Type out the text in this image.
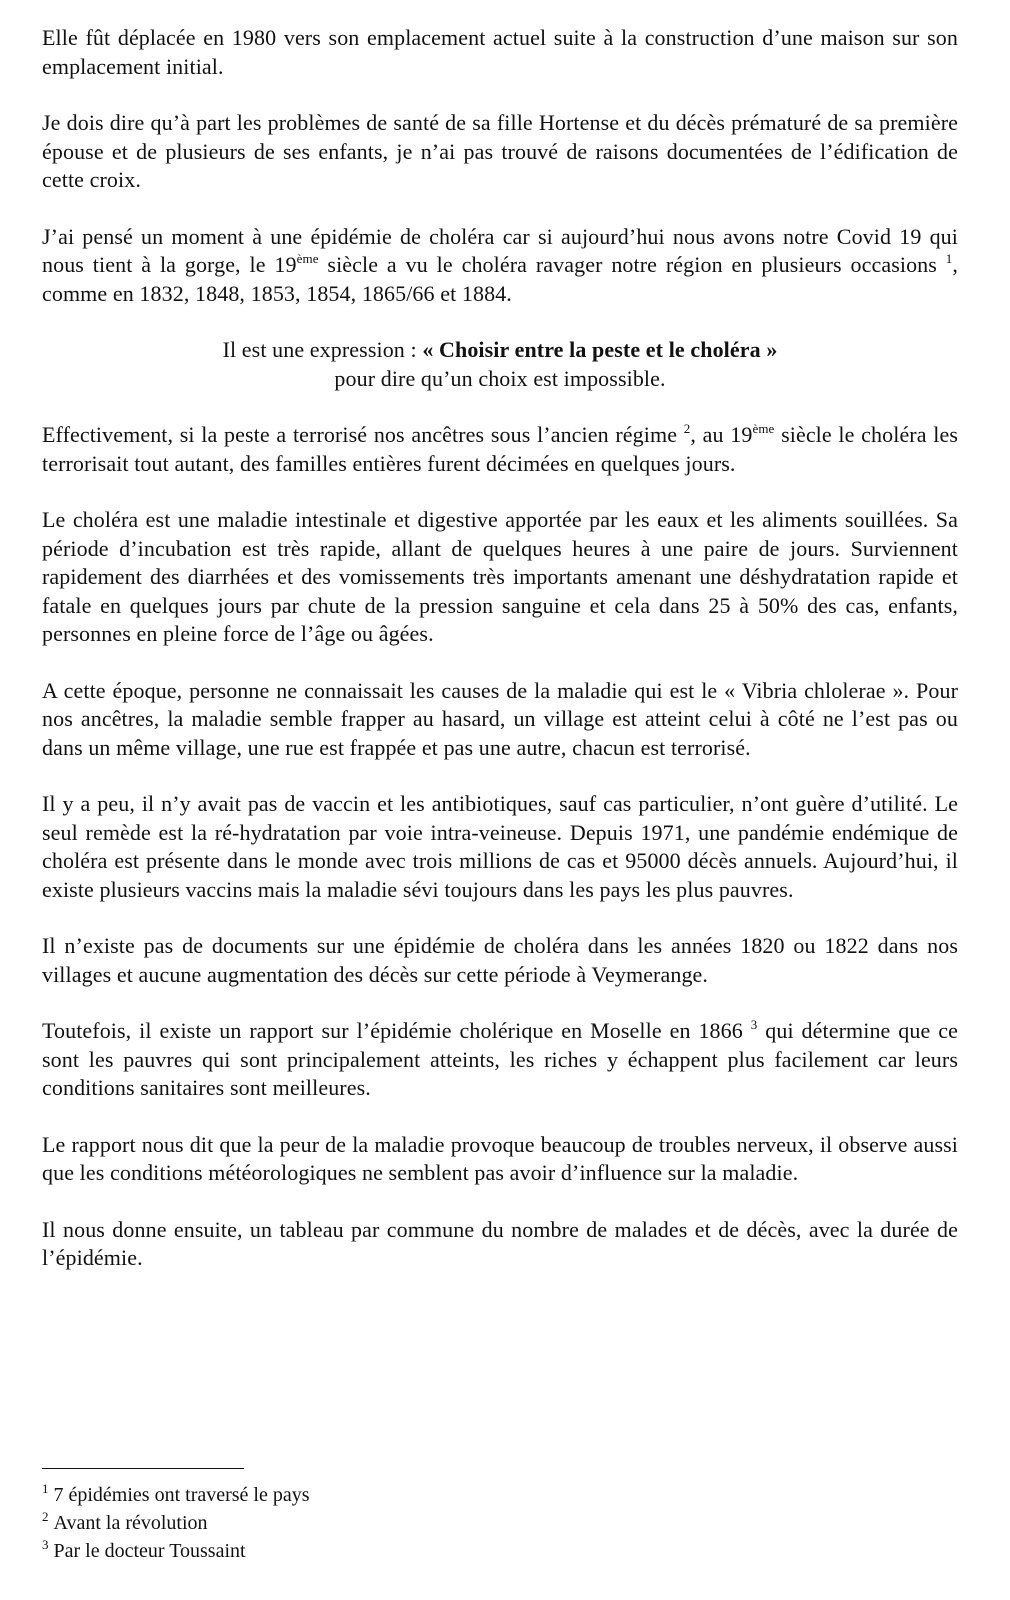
Elle fût déplacée en 1980 vers son emplacement actuel suite à la construction d’une maison sur son emplacement initial.

Je dois dire qu’à part les problèmes de santé de sa fille Hortense et du décès prématuré de sa première épouse et de plusieurs de ses enfants, je n’ai pas trouvé de raisons documentées de l’édification de cette croix.

J’ai pensé un moment à une épidémie de choléra car si aujourd’hui nous avons notre Covid 19 qui nous tient à la gorge, le 19ème siècle a vu le choléra ravager notre région en plusieurs occasions $^1$, comme en 1832, 1848, 1853, 1854, 1865/66 et 1884.

Il est une expression : « Choisir entre la peste et le choléra »
pour dire qu’un choix est impossible.

Effectivement, si la peste a terrorisé nos ancêtres sous l’ancien régime $^2$, au 19ème siècle le choléra les terrorisait tout autant, des familles entières furent décimées en quelques jours.

Le choléra est une maladie intestinale et digestive apportée par les eaux et les aliments souillées. Sa période d’incubation est très rapide, allant de quelques heures à une paire de jours. Surviennent rapidement des diarrhées et des vomissements très importants amenant une déshydratation rapide et fatale en quelques jours par chute de la pression sanguine et cela dans 25 à 50% des cas, enfants, personnes en pleine force de l’âge ou âgées.

A cette époque, personne ne connaissait les causes de la maladie qui est le « Vibria chlolerae ». Pour nos ancêtres, la maladie semble frapper au hasard, un village est atteint celui à côté ne l’est pas ou dans un même village, une rue est frappée et pas une autre, chacun est terrorisé.

Il y a peu, il n’y avait pas de vaccin et les antibiotiques, sauf cas particulier, n’ont guère d’utilité. Le seul remède est la ré-hydratation par voie intra-veineuse. Depuis 1971, une pandémie endémique de choléra est présente dans le monde avec trois millions de cas et 95000 décès annuels. Aujourd’hui, il existe plusieurs vaccins mais la maladie sévi toujours dans les pays les plus pauvres.

Il n’existe pas de documents sur une épidémie de choléra dans les années 1820 ou 1822 dans nos villages et aucune augmentation des décès sur cette période à Veymerange.

Toutefois, il existe un rapport sur l’épidémie cholérique en Moselle en 1866 $^3$ qui détermine que ce sont les pauvres qui sont principalement atteints, les riches y échappent plus facilement car leurs conditions sanitaires sont meilleures.

Le rapport nous dit que la peur de la maladie provoque beaucoup de troubles nerveux, il observe aussi que les conditions météorologiques ne semblent pas avoir d’influence sur la maladie.

Il nous donne ensuite, un tableau par commune du nombre de malades et de décès, avec la durée de l’épidémie.

$^1$ 7 épidémies ont traversé le pays

$^2$ Avant la révolution

$^3$ Par le docteur Toussaint
